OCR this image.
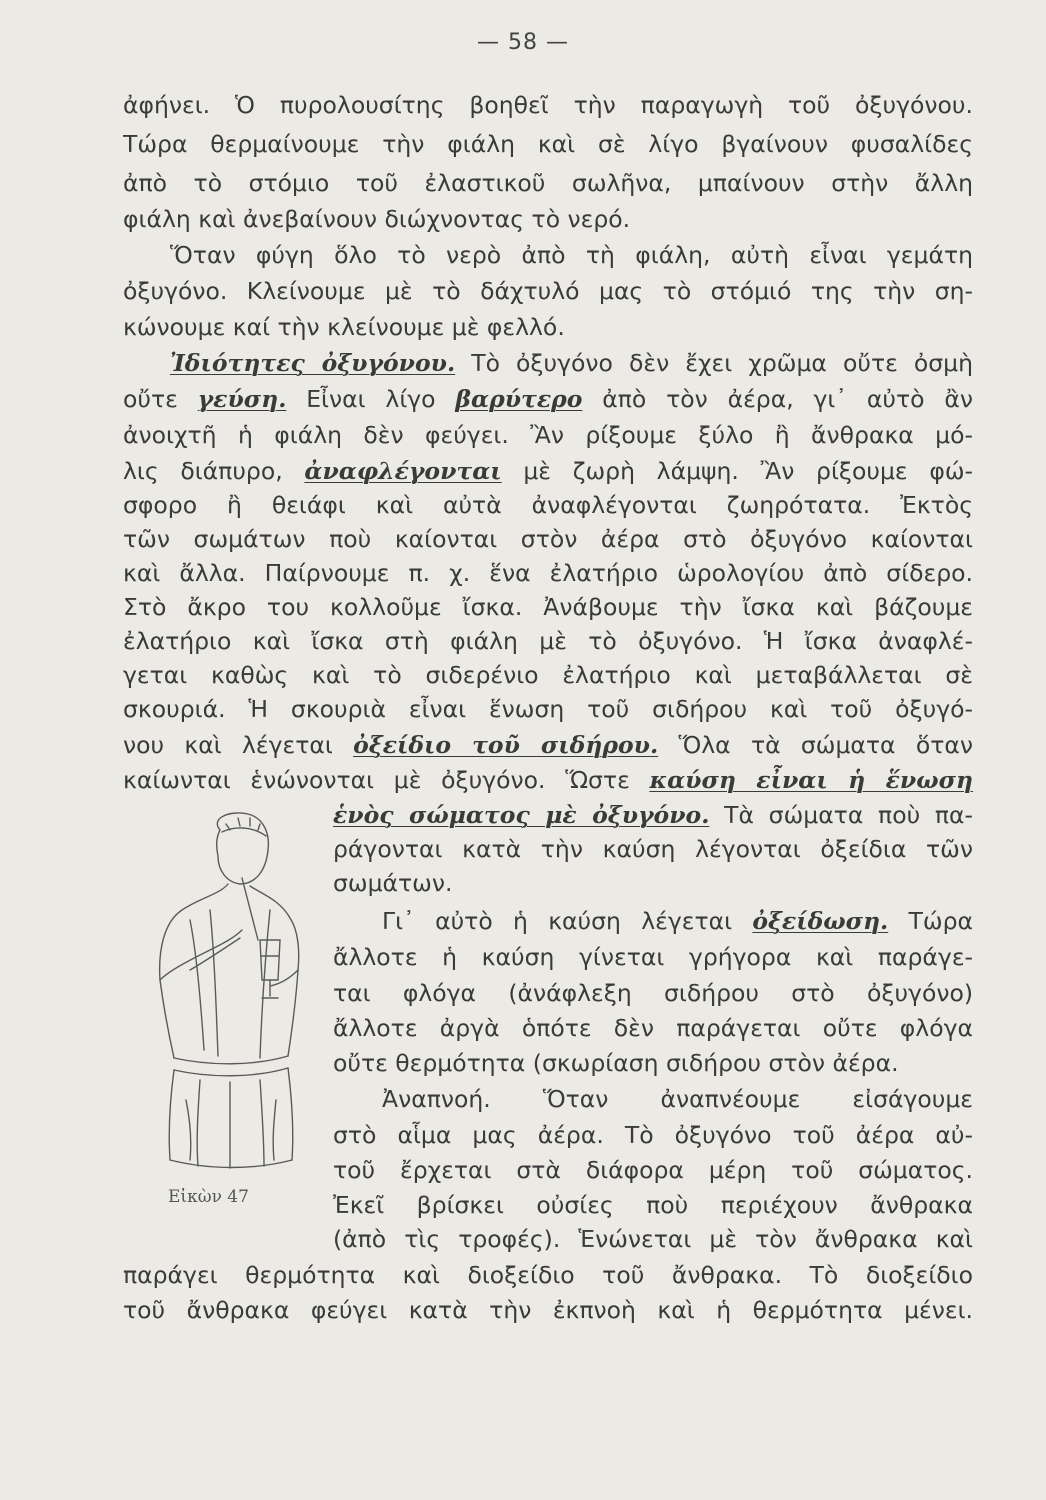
— 58 —
ἀφήνει. Ὁ πυρολουσίτης βοηθεῖ τὴν παραγωγὴ τοῦ ὀξυγόνου.
Τώρα θερμαίνουμε τὴν φιάλη καὶ σὲ λίγο βγαίνουν φυσαλίδες
ἀπὸ τὸ στόμιο τοῦ ἐλαστικοῦ σωλῆνα, μπαίνουν στὴν ἄλλη
φιάλη καὶ ἀνεβαίνουν διώχνοντας τὸ νερό.
Ὅταν φύγη ὅλο τὸ νερὸ ἀπὸ τὴ φιάλη, αὐτὴ εἶναι γεμάτη
ὀξυγόνο. Κλείνουμε μὲ τὸ δάχτυλό μας τὸ στόμιό της τὴν ση-
κώνουμε καί τὴν κλείνουμε μὲ φελλό.
Ἰδιότητες ὀξυγόνου. Τὸ ὀξυγόνο δὲν ἔχει χρῶμα οὔτε ὀσμὴ
οὔτε γεύση. Εἶναι λίγο βαρύτερο ἀπὸ τὸν ἀέρα, γι᾽ αὐτὸ ἂν
ἀνοιχτῆ ἡ φιάλη δὲν φεύγει. Ἂν ρίξουμε ξύλο ἢ ἄνθρακα μό-
λις διάπυρο, ἀναφλέγονται μὲ ζωρὴ λάμψη. Ἂν ρίξουμε φώ-
σφορο ἢ θειάφι καὶ αὐτὰ ἀναφλέγονται ζωηρότατα. Ἐκτὸς
τῶν σωμάτων ποὺ καίονται στὸν ἀέρα στὸ ὀξυγόνο καίονται
καὶ ἄλλα. Παίρνουμε π. χ. ἕνα ἐλατήριο ὡρολογίου ἀπὸ σίδερο.
Στὸ ἄκρο του κολλοῦμε ἴσκα. Ἀνάβουμε τὴν ἴσκα καὶ βάζουμε
ἐλατήριο καὶ ἴσκα στὴ φιάλη μὲ τὸ ὀξυγόνο. Ἡ ἴσκα ἀναφλέ-
γεται καθὼς καὶ τὸ σιδερένιο ἐλατήριο καὶ μεταβάλλεται σὲ
σκουριά. Ἡ σκουριὰ εἶναι ἕνωση τοῦ σιδήρου καὶ τοῦ ὀξυγό-
νου καὶ λέγεται ὀξείδιο τοῦ σιδήρου. Ὅλα τὰ σώματα ὅταν
καίωνται ἑνώνονται μὲ ὀξυγόνο. Ὥστε καύση εἶναι ἡ ἕνωση
ἑνὸς σώματος μὲ ὀξυγόνο. Τὰ σώματα ποὺ πα-
ράγονται κατὰ τὴν καύση λέγονται ὀξείδια τῶν
σωμάτων.
Γι᾽ αὐτὸ ἡ καύση λέγεται ὀξείδωση. Τώρα
ἄλλοτε ἡ καύση γίνεται γρήγορα καὶ παράγε-
ται φλόγα (ἀνάφλεξη σιδήρου στὸ ὀξυγόνο)
ἄλλοτε ἀργὰ ὁπότε δὲν παράγεται οὔτε φλόγα
οὔτε θερμότητα (σκωρίαση σιδήρου στὸν ἀέρα.
Ἀναπνοή. Ὅταν ἀναπνέουμε εἰσάγουμε
στὸ αἷμα μας ἀέρα. Τὸ ὀξυγόνο τοῦ ἀέρα αὐ-
τοῦ ἔρχεται στὰ διάφορα μέρη τοῦ σώματος.
Ἐκεῖ βρίσκει οὐσίες ποὺ περιέχουν ἄνθρακα
(ἀπὸ τὶς τροφές). Ἑνώνεται μὲ τὸν ἄνθρακα καὶ
παράγει θερμότητα καὶ διοξείδιο τοῦ ἄνθρακα. Τὸ διοξείδιο
τοῦ ἄνθρακα φεύγει κατὰ τὴν ἐκπνοὴ καὶ ἡ θερμότητα μένει.
Εἰκὼν 47
